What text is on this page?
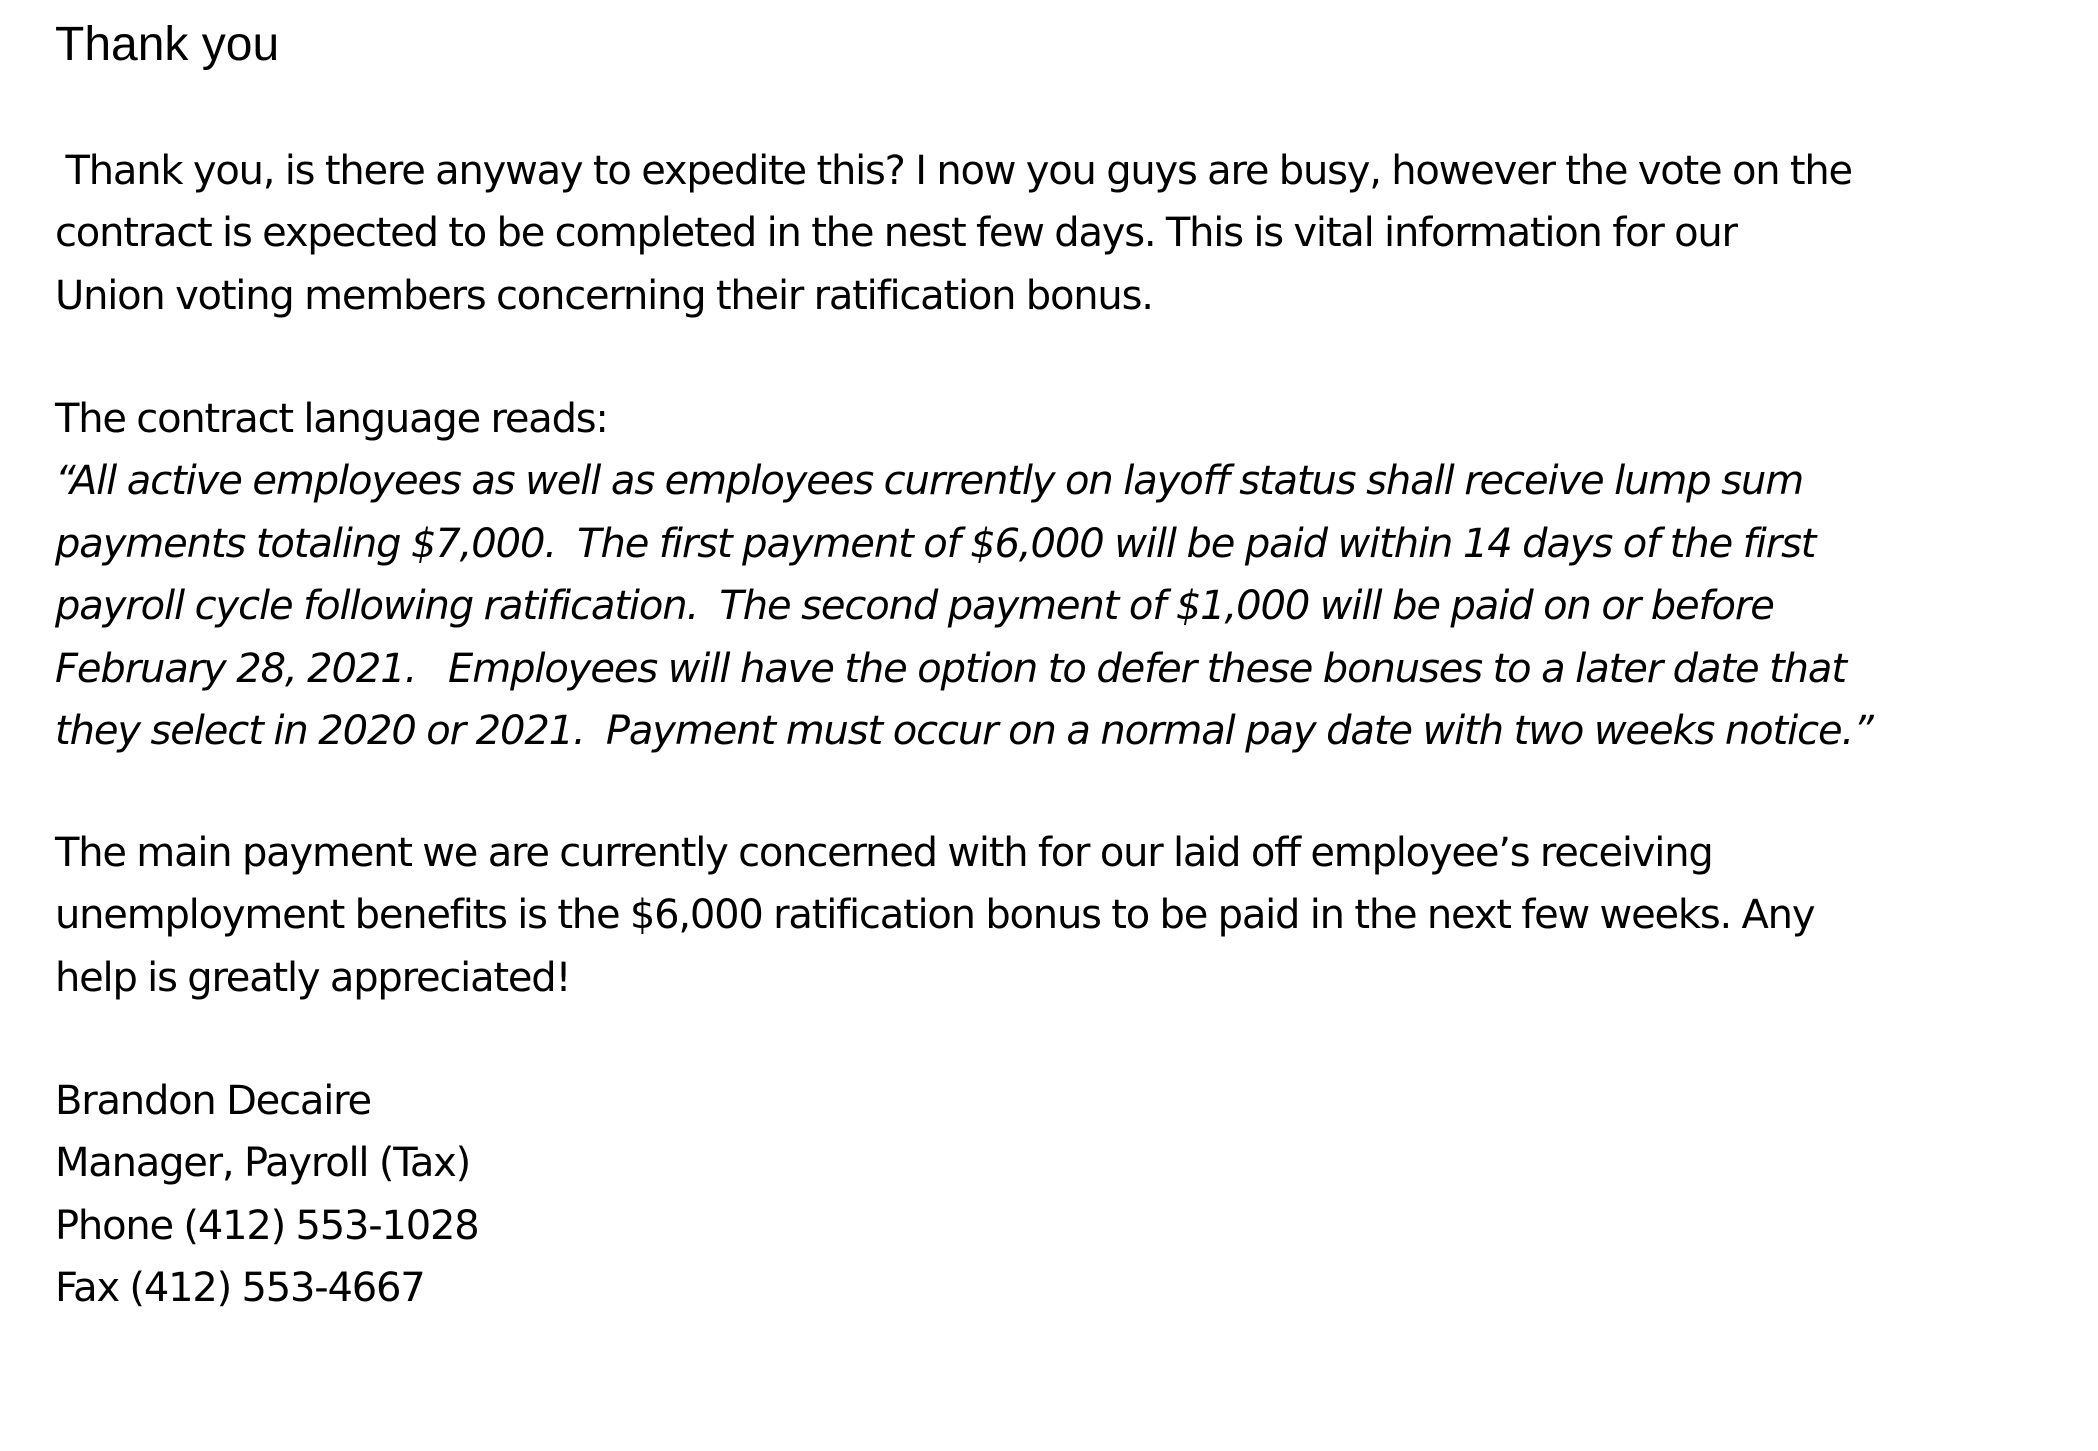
Thank you
Thank you, is there anyway to expedite this? I now you guys are busy, however the vote on the
contract is expected to be completed in the nest few days. This is vital information for our
Union voting members concerning their ratification bonus.
The contract language reads:
“All active employees as well as employees currently on layoff status shall receive lump sum
payments totaling $7,000.  The first payment of $6,000 will be paid within 14 days of the first
payroll cycle following ratification.  The second payment of $1,000 will be paid on or before
February 28, 2021.   Employees will have the option to defer these bonuses to a later date that
they select in 2020 or 2021.  Payment must occur on a normal pay date with two weeks notice.”
The main payment we are currently concerned with for our laid off employee’s receiving
unemployment benefits is the $6,000 ratification bonus to be paid in the next few weeks. Any
help is greatly appreciated!
Brandon Decaire
Manager, Payroll (Tax)
Phone (412) 553-1028
Fax (412) 553-4667
